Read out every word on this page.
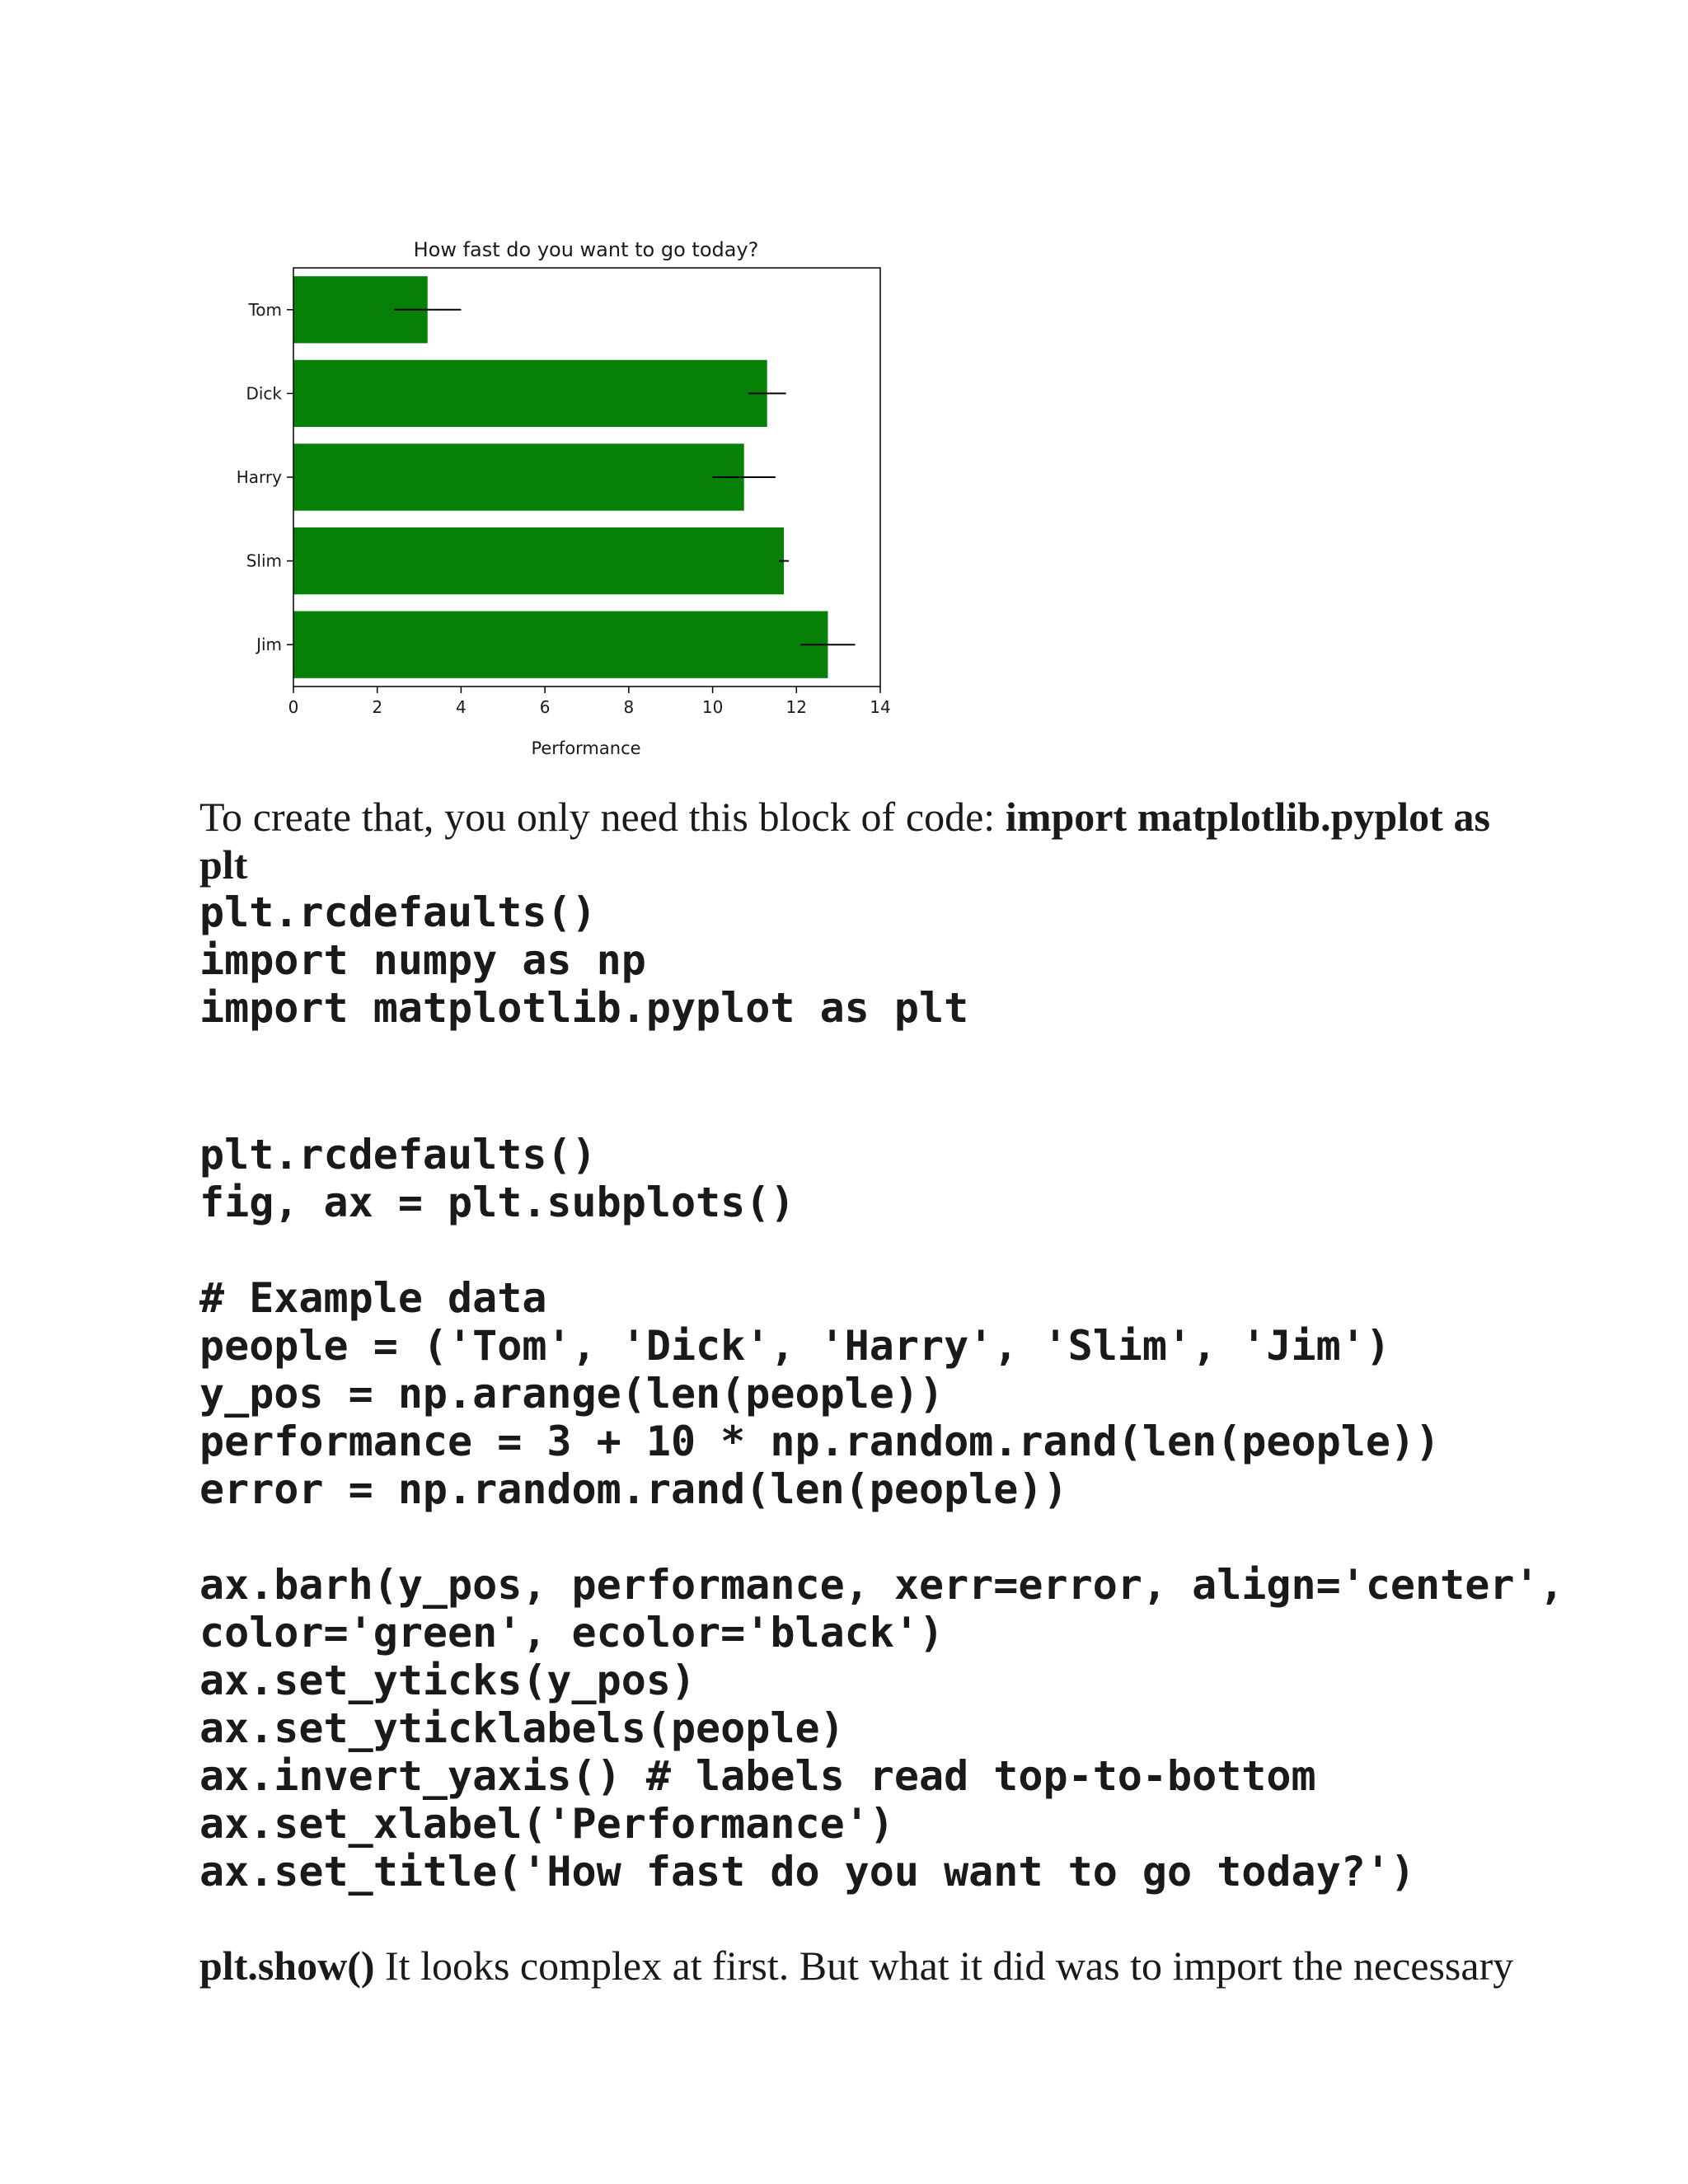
How fast do you want to go today?
Tom
Dick
Harry
Slim
Jim
0	2	4	6	8	10	12	14
Performance

To create that, you only need this block of code: import matplotlib.pyplot as plt

plt.rcdefaults()
import numpy as np
import matplotlib.pyplot as plt
plt.rcdefaults()
fig, ax = plt.subplots()

# Example data
people = ('Tom', 'Dick', 'Harry', 'Slim', 'Jim')
y_pos = np.arange(len(people))
performance = 3 + 10 * np.random.rand(len(people))
error = np.random.rand(len(people))

ax.barh(y_pos, performance, xerr=error, align='center',
color='green', ecolor='black')
ax.set_yticks(y_pos)
ax.set_yticklabels(people)
ax.invert_yaxis() # labels read top-to-bottom
ax.set_xlabel('Performance')
ax.set_title('How fast do you want to go today?')

plt.show() It looks complex at first. But what it did was to import the necessary
